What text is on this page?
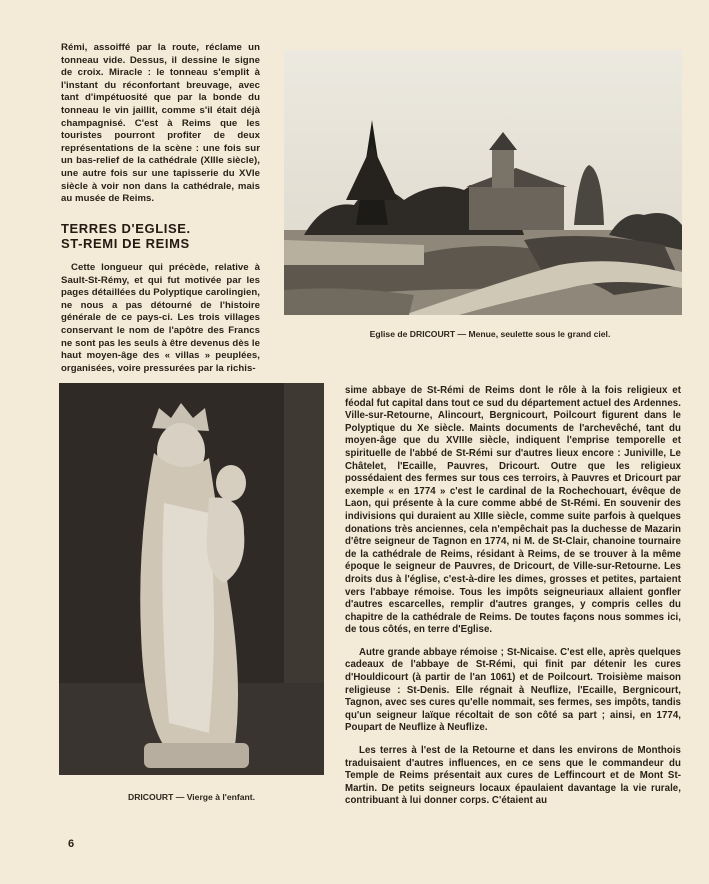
Rémi, assoiffé par la route, réclame un tonneau vide. Dessus, il dessine le signe de croix. Miracle : le tonneau s'emplit à l'instant du réconfortant breuvage, avec tant d'impétuosité que par la bonde du tonneau le vin jaillit, comme s'il était déjà champagnisé. C'est à Reims que les touristes pourront profiter de deux représentations de la scène : une fois sur un bas-relief de la cathédrale (XIIIe siècle), une autre fois sur une tapisserie du XVIe siècle à voir non dans la cathédrale, mais au musée de Reims.

TERRES D'EGLISE.
ST-REMI DE REIMS

Cette longueur qui précède, relative à Sault-St-Rémy, et qui fut motivée par les pages détaillées du Polyptique carolingien, ne nous a pas détourné de l'histoire générale de ce pays-ci. Les trois villages conservant le nom de l'apôtre des Francs ne sont pas les seuls à être devenus dès le haut moyen-âge des « villas » peuplées, organisées, voire pressurées par la richis-

Eglise de DRICOURT — Menue, seulette sous le grand ciel.

DRICOURT — Vierge à l'enfant.

sime abbaye de St-Rémi de Reims dont le rôle à la fois religieux et féodal fut capital dans tout ce sud du département actuel des Ardennes. Ville-sur-Retourne, Alincourt, Bergnicourt, Poilcourt figurent dans le Polyptique du Xe siècle. Maints documents de l'archevêché, tant du moyen-âge que du XVIIIe siècle, indiquent l'emprise temporelle et spirituelle de l'abbé de St-Rémi sur d'autres lieux encore : Juniville, Le Châtelet, l'Ecaille, Pauvres, Dricourt. Outre que les religieux possédaient des fermes sur tous ces terroirs, à Pauvres et Dricourt par exemple « en 1774 » c'est le cardinal de la Rochechouart, évêque de Laon, qui présente à la cure comme abbé de St-Rémi. En souvenir des indivisions qui duraient au XIIIe siècle, comme suite parfois à quelques donations très anciennes, cela n'empêchait pas la duchesse de Mazarin d'être seigneur de Tagnon en 1774, ni M. de St-Clair, chanoine tournaire de la cathédrale de Reims, résidant à Reims, de se trouver à la même époque le seigneur de Pauvres, de Dricourt, de Ville-sur-Retourne. Les droits dus à l'église, c'est-à-dire les dimes, grosses et petites, partaient vers l'abbaye rémoise. Tous les impôts seigneuriaux allaient gonfler d'autres escarcelles, remplir d'autres granges, y compris celles du chapitre de la cathédrale de Reims. De toutes façons nous sommes ici, de tous côtés, en terre d'Eglise.

Autre grande abbaye rémoise ; St-Nicaise. C'est elle, après quelques cadeaux de l'abbaye de St-Rémi, qui finit par détenir les cures d'Houldicourt (à partir de l'an 1061) et de Poilcourt. Troisième maison religieuse : St-Denis. Elle régnait à Neuflize, l'Ecaille, Bergnicourt, Tagnon, avec ses cures qu'elle nommait, ses fermes, ses impôts, tandis qu'un seigneur laïque récoltait de son côté sa part ; ainsi, en 1774, Poupart de Neuflize à Neuflize.

Les terres à l'est de la Retourne et dans les environs de Monthois traduisaient d'autres influences, en ce sens que le commandeur du Temple de Reims présentait aux cures de Leffincourt et de Mont St-Martin. De petits seigneurs locaux épaulaient davantage la vie rurale, contribuant à lui donner corps. C'étaient au

6
